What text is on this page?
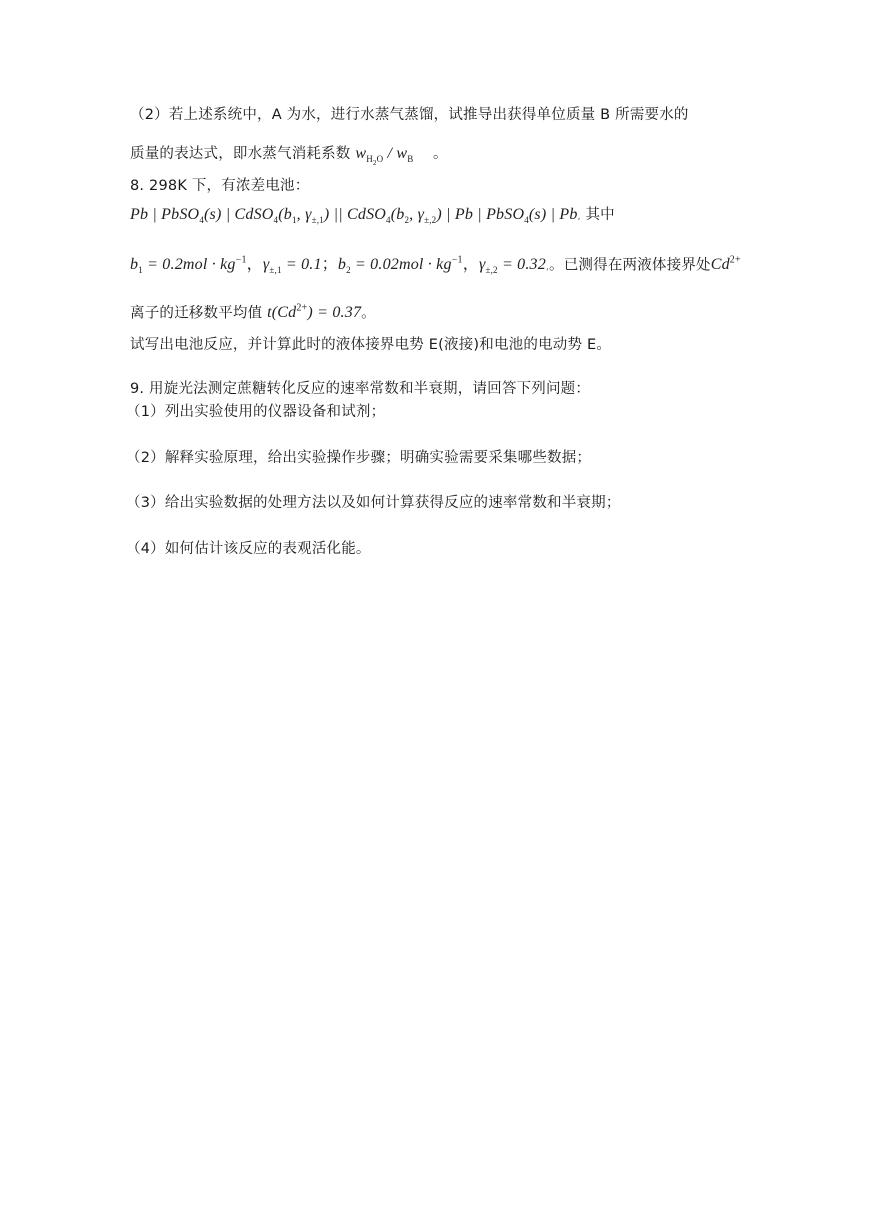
（2）若上述系统中，A 为水，进行水蒸气蒸馏，试推导出获得单位质量 B 所需要水的
质量的表达式，即水蒸气消耗系数 $w_{H_2O} / w_B$ 。
8. 298K 下，有浓差电池：
Pb | PbSO$_4$(s) | $CdSO_4(b_1$, $\gamma_{\pm,1}$) || $CdSO_4(b_2$, $\gamma_{\pm,2}$) | Pb | PbSO$_4$(s) | Pb, 其中
$b_1 = 0.2mol \cdot kg^{-1}$，$\gamma_{\pm,1} = 0.1$；$b_2 = 0.02mol \cdot kg^{-1}$，$\gamma_{\pm,2} = 0.32$,。已测得在两液体接界处$Cd^{2+}$
离子的迁移数平均值 $t(Cd^{2+}) = 0.37$。
试写出电池反应，并计算此时的液体接界电势 E(液接)和电池的电动势 E。
9. 用旋光法测定蔗糖转化反应的速率常数和半衰期，请回答下列问题：
（1）列出实验使用的仪器设备和试剂；
（2）解释实验原理，给出实验操作步骤；明确实验需要采集哪些数据；
（3）给出实验数据的处理方法以及如何计算获得反应的速率常数和半衰期；
（4）如何估计该反应的表观活化能。
